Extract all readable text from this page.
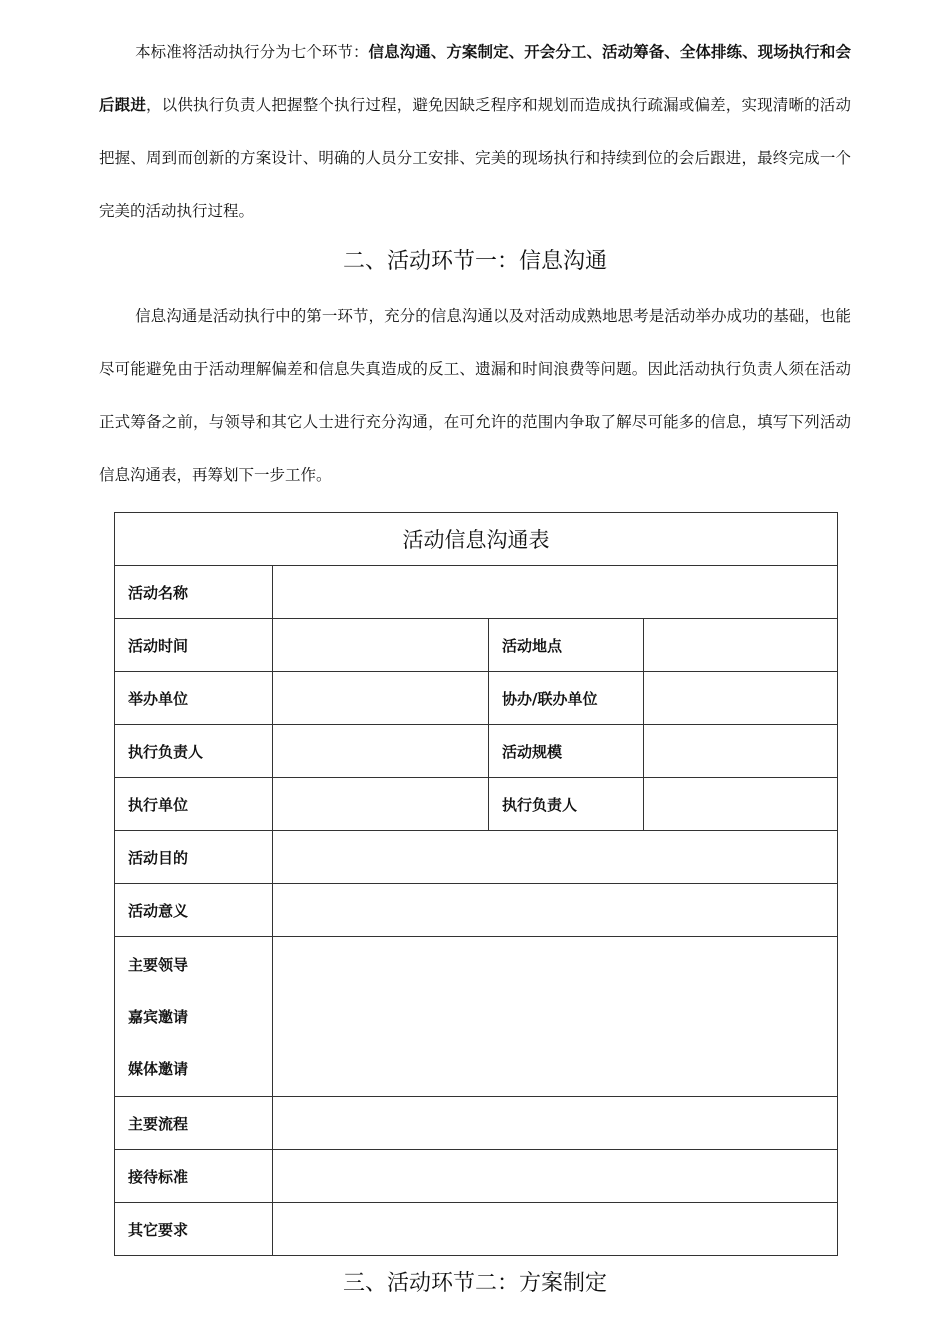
本标准将活动执行分为七个环节：信息沟通、方案制定、开会分工、活动筹备、全体排练、现场执行和会后跟进，以供执行负责人把握整个执行过程，避免因缺乏程序和规划而造成执行疏漏或偏差，实现清晰的活动把握、周到而创新的方案设计、明确的人员分工安排、完美的现场执行和持续到位的会后跟进，最终完成一个完美的活动执行过程。

二、活动环节一：信息沟通

信息沟通是活动执行中的第一环节，充分的信息沟通以及对活动成熟地思考是活动举办成功的基础，也能尽可能避免由于活动理解偏差和信息失真造成的反工、遗漏和时间浪费等问题。因此活动执行负责人须在活动正式筹备之前，与领导和其它人士进行充分沟通，在可允许的范围内争取了解尽可能多的信息，填写下列活动信息沟通表，再筹划下一步工作。

活动信息沟通表			
活动名称			
活动时间		活动地点	
举办单位		协办/联办单位	
执行负责人		活动规模	
执行单位		执行负责人	
活动目的			
活动意义			

主要领导
嘉宾邀请
媒体邀请			

主要流程			
接待标准			
其它要求			
三、活动环节二：方案制定
